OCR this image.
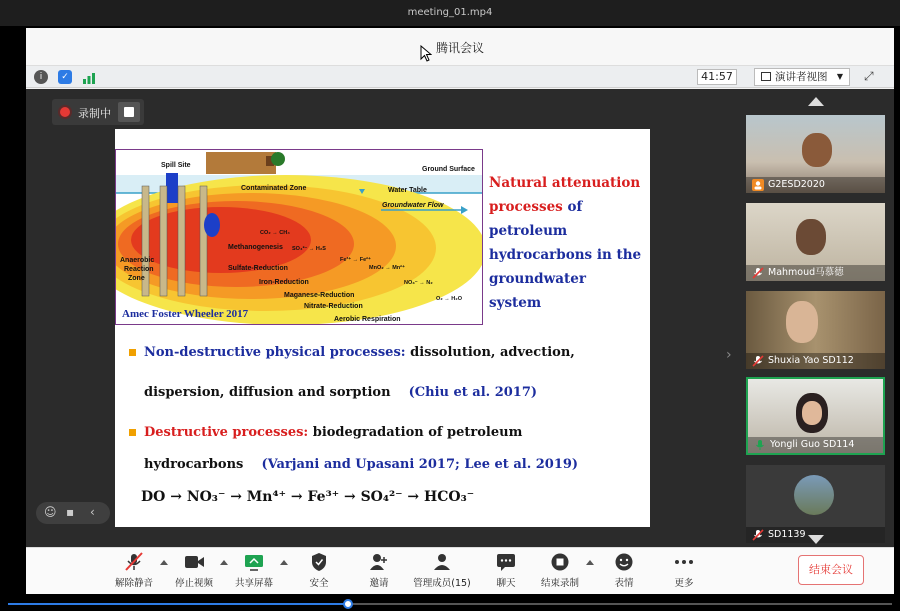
meeting_01.mp4
腾讯会议
i	✓	41:57	演讲者视图 ▼ ⤢
录制中
Spill Site
Ground Surface
Contaminated Zone	Water Table
Groundwater Flow
Anaerobic
Reaction
Zone
Methanogenesis
CO₂ → CH₄
SO₄²⁻ → H₂S
Fe³⁺ → Fe²⁺
MnO₂ → Mn²⁺
NO₃⁻ → N₂
O₂ → H₂O
Sulfate-Reduction
Iron-Reduction
Maganese-Reduction
Nitrate-Reduction
Aerobic Respiration
Amec Foster Wheeler 2017
Natural attenuation
processes of
petroleum
hydrocarbons in the
groundwater
system
Non-destructive physical processes: dissolution, advection,
dispersion, diffusion and sorption (Chiu et al. 2017)
Destructive processes: biodegradation of petroleum
hydrocarbons (Varjani and Upasani 2017; Lee et al. 2019)
DO → NO₃⁻ → Mn⁴⁺ → Fe³⁺ → SO₄²⁻ → HCO₃⁻
☺ ▪ ‹
›
G2ESD2020
Mahmoud马慕德
Shuxia Yao SD112
Yongli Guo SD114
SD1139
解除静音	停止视频	共享屏幕	安全	邀请	管理成员(15)	聊天	结束录制	表情	更多
结束会议
